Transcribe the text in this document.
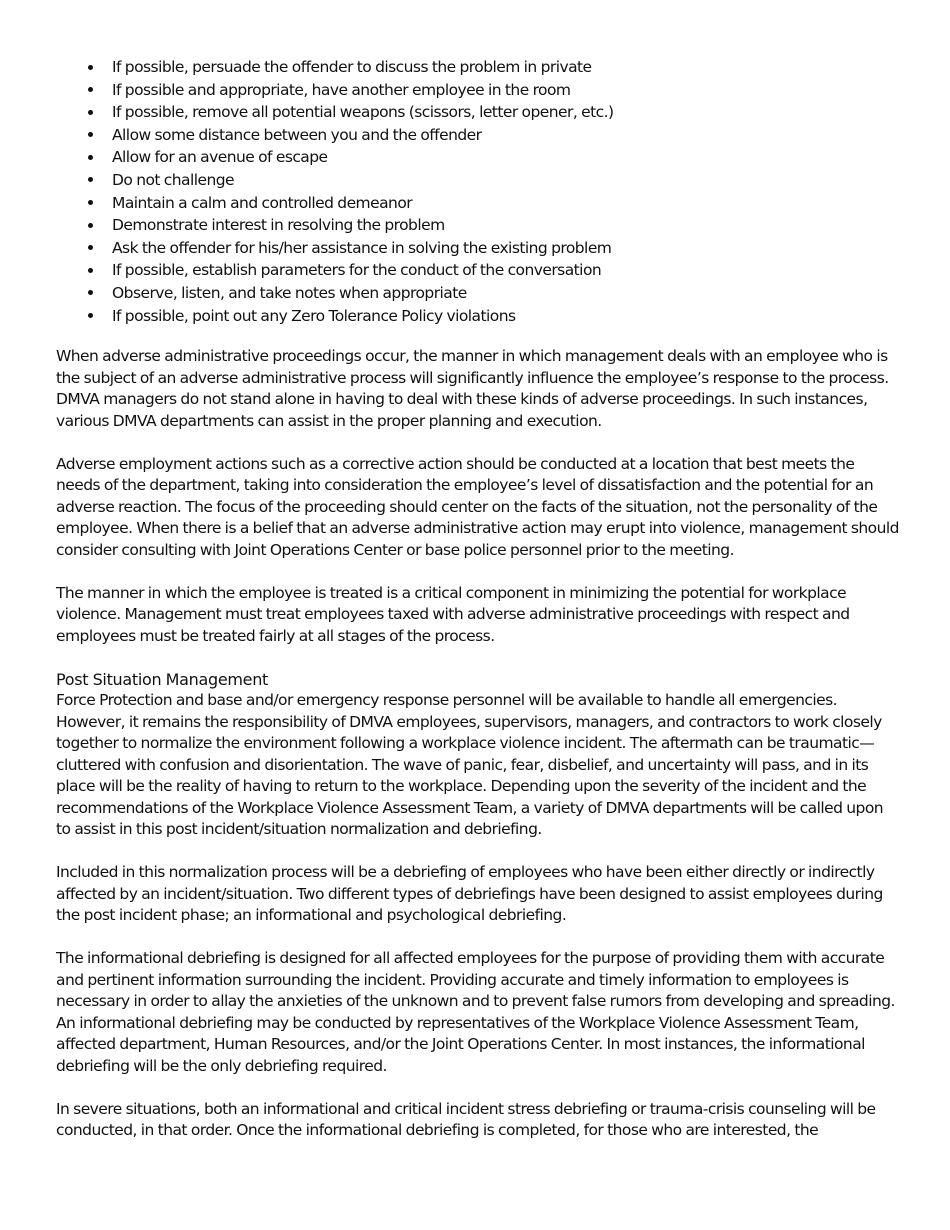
If possible, persuade the offender to discuss the problem in private
If possible and appropriate, have another employee in the room
If possible, remove all potential weapons (scissors, letter opener, etc.)
Allow some distance between you and the offender
Allow for an avenue of escape
Do not challenge
Maintain a calm and controlled demeanor
Demonstrate interest in resolving the problem
Ask the offender for his/her assistance in solving the existing problem
If possible, establish parameters for the conduct of the conversation
Observe, listen, and take notes when appropriate
If possible, point out any Zero Tolerance Policy violations

When adverse administrative proceedings occur, the manner in which management deals with an employee who is the subject of an adverse administrative process will significantly influence the employee’s response to the process. DMVA managers do not stand alone in having to deal with these kinds of adverse proceedings. In such instances, various DMVA departments can assist in the proper planning and execution.

Adverse employment actions such as a corrective action should be conducted at a location that best meets the needs of the department, taking into consideration the employee’s level of dissatisfaction and the potential for an adverse reaction. The focus of the proceeding should center on the facts of the situation, not the personality of the employee. When there is a belief that an adverse administrative action may erupt into violence, management should consider consulting with Joint Operations Center or base police personnel prior to the meeting.

The manner in which the employee is treated is a critical component in minimizing the potential for workplace violence. Management must treat employees taxed with adverse administrative proceedings with respect and employees must be treated fairly at all stages of the process.

Post Situation Management

Force Protection and base and/or emergency response personnel will be available to handle all emergencies. However, it remains the responsibility of DMVA employees, supervisors, managers, and contractors to work closely together to normalize the environment following a workplace violence incident. The aftermath can be traumatic—cluttered with confusion and disorientation. The wave of panic, fear, disbelief, and uncertainty will pass, and in its place will be the reality of having to return to the workplace. Depending upon the severity of the incident and the recommendations of the Workplace Violence Assessment Team, a variety of DMVA departments will be called upon to assist in this post incident/situation normalization and debriefing.

Included in this normalization process will be a debriefing of employees who have been either directly or indirectly affected by an incident/situation. Two different types of debriefings have been designed to assist employees during the post incident phase; an informational and psychological debriefing.

The informational debriefing is designed for all affected employees for the purpose of providing them with accurate and pertinent information surrounding the incident. Providing accurate and timely information to employees is necessary in order to allay the anxieties of the unknown and to prevent false rumors from developing and spreading. An informational debriefing may be conducted by representatives of the Workplace Violence Assessment Team, affected department, Human Resources, and/or the Joint Operations Center. In most instances, the informational debriefing will be the only debriefing required.

In severe situations, both an informational and critical incident stress debriefing or trauma-crisis counseling will be conducted, in that order. Once the informational debriefing is completed, for those who are interested, the
